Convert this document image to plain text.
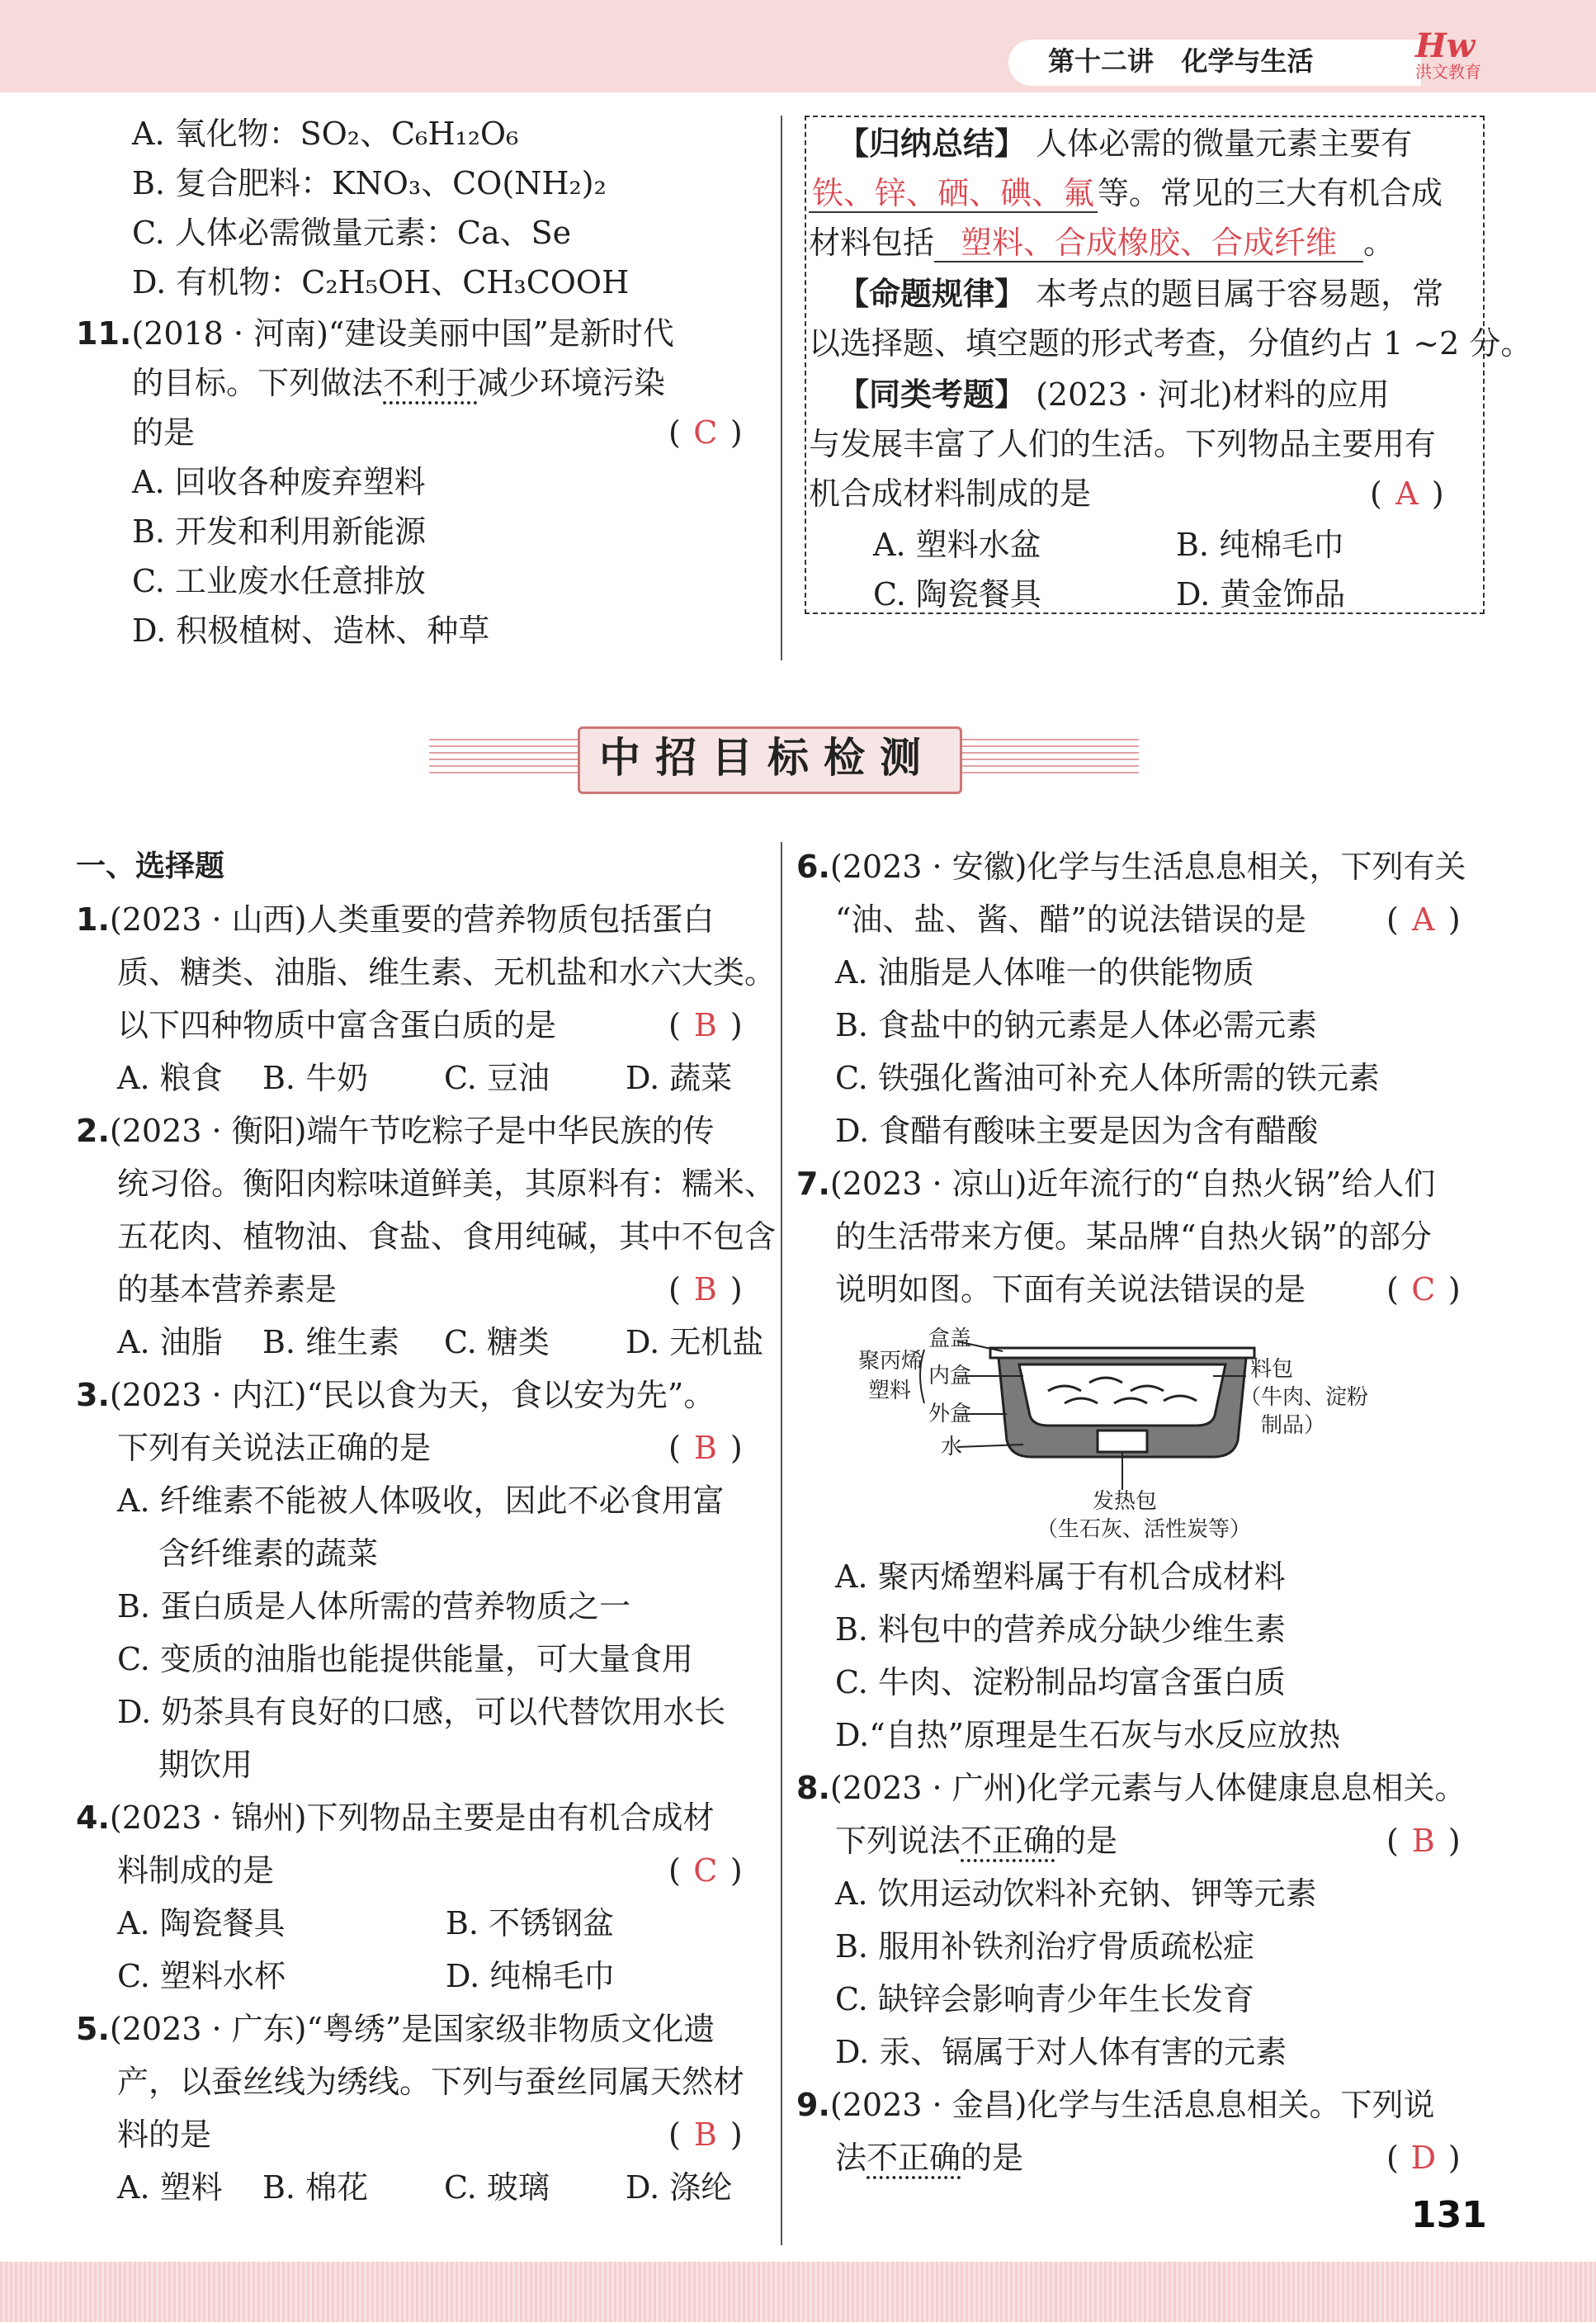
第十二讲 化学与生活	Hw
洪文教育
A. 氧化物：SO₂、C₆H₁₂O₆
B. 复合肥料：KNO₃、CO(NH₂)₂
C. 人体必需微量元素：Ca、Se
D. 有机物：C₂H₅OH、CH₃COOH
11.(2018 · 河南)“建设美丽中国”是新时代
的目标。下列做法不利于减少环境污染
的是	( C )
A. 回收各种废弃塑料
B. 开发和利用新能源
C. 工业废水任意排放
D. 积极植树、造林、种草
【归纳总结】 人体必需的微量元素主要有
铁、锌、硒、碘、氟 等。常见的三大有机合成
材料包括 塑料、合成橡胶、合成纤维 。
【命题规律】 本考点的题目属于容易题，常
以选择题、填空题的形式考查，分值约占 1 ~2 分。
【同类考题】 (2023 · 河北)材料的应用
与发展丰富了人们的生活。下列物品主要用有
机合成材料制成的是	( A )
A. 塑料水盆	B. 纯棉毛巾
C. 陶瓷餐具	D. 黄金饰品
中招目标检测
一、选择题
1.(2023 · 山西)人类重要的营养物质包括蛋白
质、糖类、油脂、维生素、无机盐和水六大类。
以下四种物质中富含蛋白质的是	( B )
A. 粮食 B. 牛奶 C. 豆油 D. 蔬菜
2.(2023 · 衡阳)端午节吃粽子是中华民族的传
统习俗。衡阳肉粽味道鲜美，其原料有：糯米、
五花肉、植物油、食盐、食用纯碱，其中不包含
的基本营养素是	( B )
A. 油脂 B. 维生素 C. 糖类 D. 无机盐
3.(2023 · 内江)“民以食为天，食以安为先”。
下列有关说法正确的是	( B )
A. 纤维素不能被人体吸收，因此不必食用富
含纤维素的蔬菜
B. 蛋白质是人体所需的营养物质之一
C. 变质的油脂也能提供能量，可大量食用
D. 奶茶具有良好的口感，可以代替饮用水长
期饮用
4.(2023 · 锦州)下列物品主要是由有机合成材
料制成的是	( C )
A. 陶瓷餐具	B. 不锈钢盆
C. 塑料水杯	D. 纯棉毛巾
5.(2023 · 广东)“粤绣”是国家级非物质文化遗
产，以蚕丝线为绣线。下列与蚕丝同属天然材
料的是	( B )
A. 塑料 B. 棉花 C. 玻璃 D. 涤纶
6.(2023 · 安徽)化学与生活息息相关，下列有关
“油、盐、酱、醋”的说法错误的是	( A )
A. 油脂是人体唯一的供能物质
B. 食盐中的钠元素是人体必需元素
C. 铁强化酱油可补充人体所需的铁元素
D. 食醋有酸味主要是因为含有醋酸
7.(2023 · 凉山)近年流行的“自热火锅”给人们
的生活带来方便。某品牌“自热火锅”的部分
说明如图。下面有关说法错误的是	( C )
聚丙烯
塑料
盒盖
内盒
外盒
水
料包
（牛肉、淀粉
制品）
发热包
（生石灰、活性炭等）
A. 聚丙烯塑料属于有机合成材料
B. 料包中的营养成分缺少维生素
C. 牛肉、淀粉制品均富含蛋白质
D.“自热”原理是生石灰与水反应放热
8.(2023 · 广州)化学元素与人体健康息息相关。
下列说法不正确的是	( B )
A. 饮用运动饮料补充钠、钾等元素
B. 服用补铁剂治疗骨质疏松症
C. 缺锌会影响青少年生长发育
D. 汞、镉属于对人体有害的元素
9.(2023 · 金昌)化学与生活息息相关。下列说
法不正确的是	( D )
131
